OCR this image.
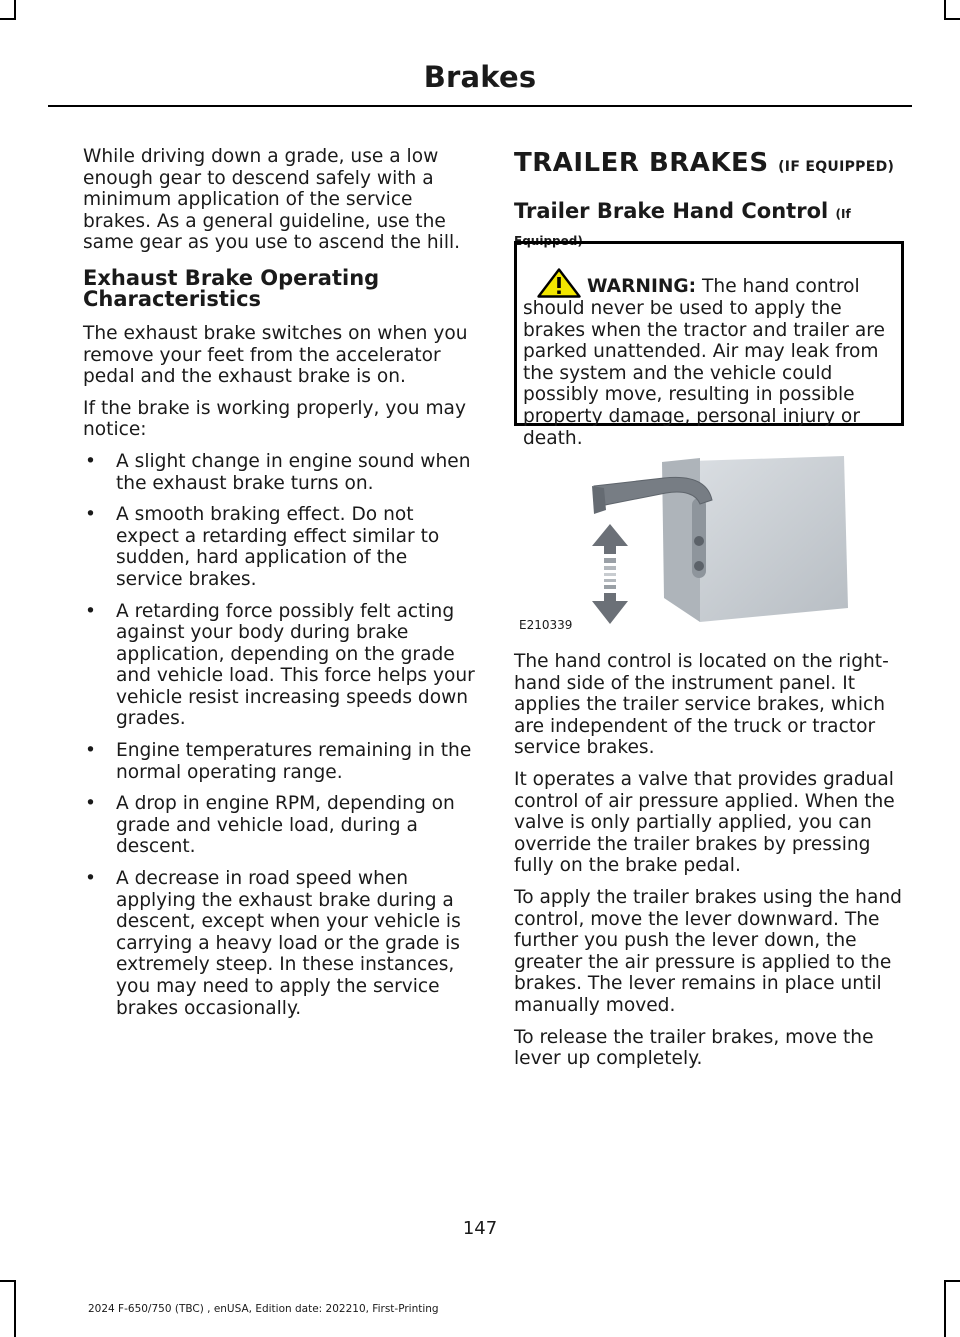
Brakes

While driving down a grade, use a low enough gear to descend safely with a minimum application of the service brakes. As a general guideline, use the same gear as you use to ascend the hill.

Exhaust Brake Operating Characteristics

The exhaust brake switches on when you remove your feet from the accelerator pedal and the exhaust brake is on.

If the brake is working properly, you may notice:

• A slight change in engine sound when the exhaust brake turns on.
• A smooth braking effect. Do not expect a retarding effect similar to sudden, hard application of the service brakes.
• A retarding force possibly felt acting against your body during brake application, depending on the grade and vehicle load. This force helps your vehicle resist increasing speeds down grades.
• Engine temperatures remaining in the normal operating range.
• A drop in engine RPM, depending on grade and vehicle load, during a descent.
• A decrease in road speed when applying the exhaust brake during a descent, except when your vehicle is carrying a heavy load or the grade is extremely steep. In these instances, you may need to apply the service brakes occasionally.
TRAILER BRAKES (IF EQUIPPED)
Trailer Brake Hand Control (If Equipped)
WARNING: The hand control should never be used to apply the brakes when the tractor and trailer are parked unattended. Air may leak from the system and the vehicle could possibly move, resulting in possible property damage, personal injury or death.
E210339

The hand control is located on the right-hand side of the instrument panel. It applies the trailer service brakes, which are independent of the truck or tractor service brakes.

It operates a valve that provides gradual control of air pressure applied. When the valve is only partially applied, you can override the trailer brakes by pressing fully on the brake pedal.

To apply the trailer brakes using the hand control, move the lever downward. The further you push the lever down, the greater the air pressure is applied to the brakes. The lever remains in place until manually moved.

To release the trailer brakes, move the lever up completely.

147
2024 F-650/750 (TBC) , enUSA, Edition date: 202210, First-Printing
